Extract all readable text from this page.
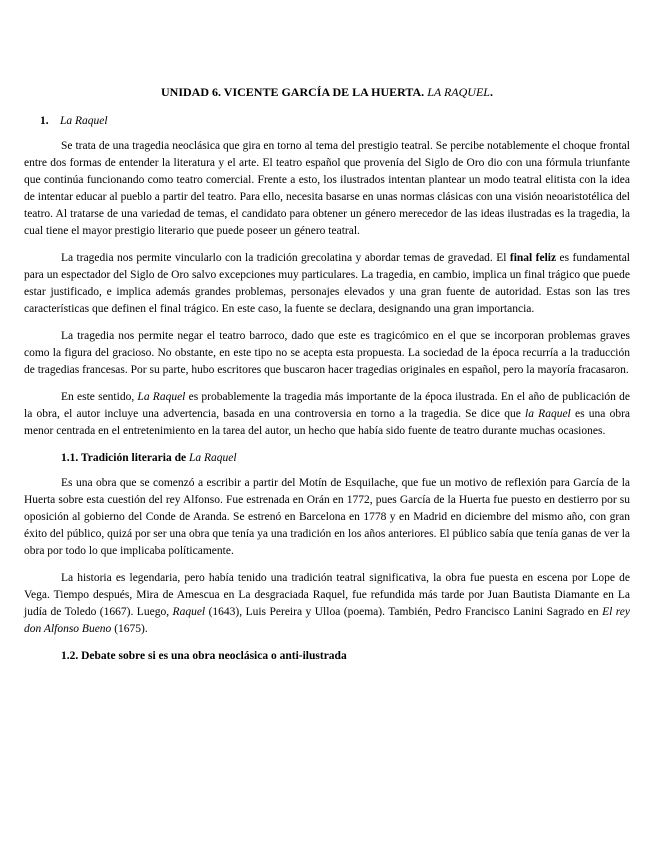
UNIDAD 6. VICENTE GARCÍA DE LA HUERTA. LA RAQUEL.
1. La Raquel

Se trata de una tragedia neoclásica que gira en torno al tema del prestigio teatral. Se percibe notablemente el choque frontal entre dos formas de entender la literatura y el arte. El teatro español que provenía del Siglo de Oro dio con una fórmula triunfante que continúa funcionando como teatro comercial. Frente a esto, los ilustrados intentan plantear un modo teatral elitista con la idea de intentar educar al pueblo a partir del teatro. Para ello, necesita basarse en unas normas clásicas con una visión neoaristotélica del teatro. Al tratarse de una variedad de temas, el candidato para obtener un género merecedor de las ideas ilustradas es la tragedia, la cual tiene el mayor prestigio literario que puede poseer un género teatral.

La tragedia nos permite vincularlo con la tradición grecolatina y abordar temas de gravedad. El final feliz es fundamental para un espectador del Siglo de Oro salvo excepciones muy particulares. La tragedia, en cambio, implica un final trágico que puede estar justificado, e implica además grandes problemas, personajes elevados y una gran fuente de autoridad. Estas son las tres características que definen el final trágico. En este caso, la fuente se declara, designando una gran importancia.

La tragedia nos permite negar el teatro barroco, dado que este es tragicómico en el que se incorporan problemas graves como la figura del gracioso. No obstante, en este tipo no se acepta esta propuesta. La sociedad de la época recurría a la traducción de tragedias francesas. Por su parte, hubo escritores que buscaron hacer tragedias originales en español, pero la mayoría fracasaron.

En este sentido, La Raquel es probablemente la tragedia más importante de la época ilustrada. En el año de publicación de la obra, el autor incluye una advertencia, basada en una controversia en torno a la tragedia. Se dice que la Raquel es una obra menor centrada en el entretenimiento en la tarea del autor, un hecho que había sido fuente de teatro durante muchas ocasiones.

1.1. Tradición literaria de La Raquel

Es una obra que se comenzó a escribir a partir del Motín de Esquilache, que fue un motivo de reflexión para García de la Huerta sobre esta cuestión del rey Alfonso. Fue estrenada en Orán en 1772, pues García de la Huerta fue puesto en destierro por su oposición al gobierno del Conde de Aranda. Se estrenó en Barcelona en 1778 y en Madrid en diciembre del mismo año, con gran éxito del público, quizá por ser una obra que tenía ya una tradición en los años anteriores. El público sabía que tenía ganas de ver la obra por todo lo que implicaba políticamente.

La historia es legendaria, pero había tenido una tradición teatral significativa, la obra fue puesta en escena por Lope de Vega. Tiempo después, Mira de Amescua en La desgraciada Raquel, fue refundida más tarde por Juan Bautista Diamante en La judía de Toledo (1667). Luego, Raquel (1643), Luis Pereira y Ulloa (poema). También, Pedro Francisco Lanini Sagrado en El rey don Alfonso Bueno (1675).

1.2. Debate sobre si es una obra neoclásica o anti-ilustrada
